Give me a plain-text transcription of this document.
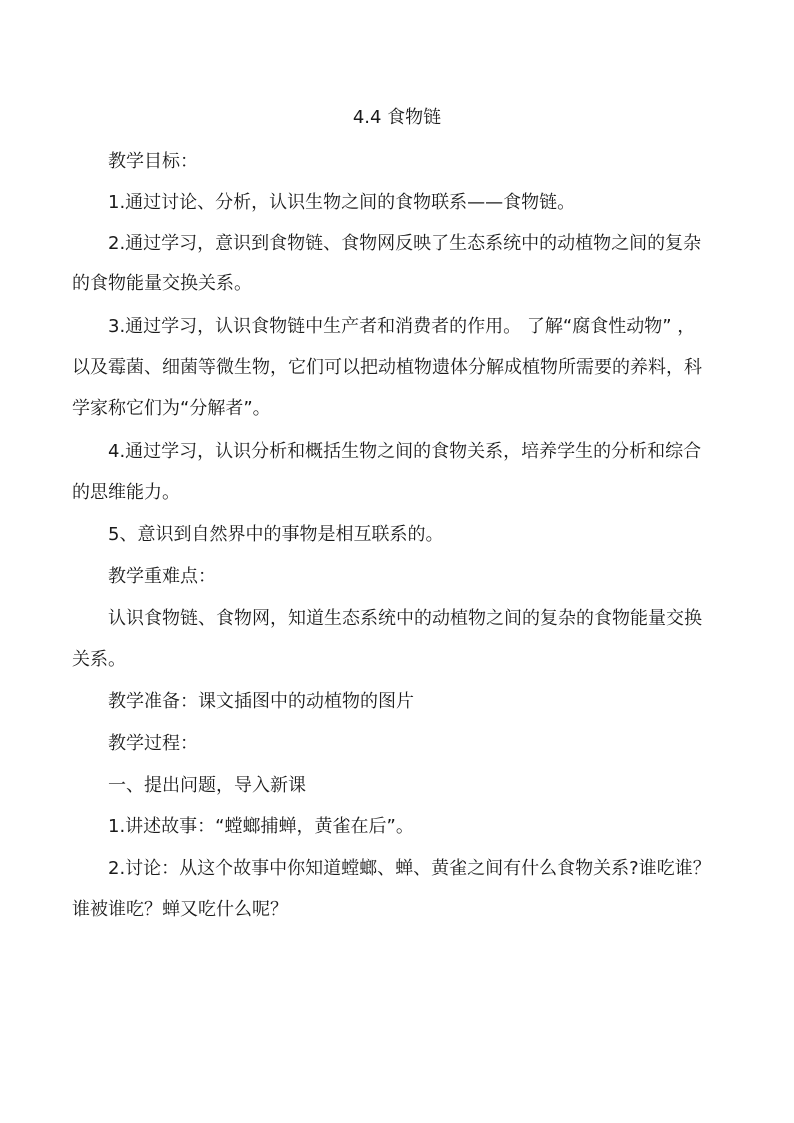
4.4 食物链
教学目标：
1.通过讨论、分析，认识生物之间的食物联系——食物链。
2.通过学习，意识到食物链、食物网反映了生态系统中的动植物之间的复杂
的食物能量交换关系。
3.通过学习，认识食物链中生产者和消费者的作用。 了解“腐食性动物” ，
以及霉菌、细菌等微生物，它们可以把动植物遗体分解成植物所需要的养料，科
学家称它们为“分解者”。
4.通过学习，认识分析和概括生物之间的食物关系，培养学生的分析和综合
的思维能力。
5、意识到自然界中的事物是相互联系的。
教学重难点：
认识食物链、食物网，知道生态系统中的动植物之间的复杂的食物能量交换
关系。
教学准备：课文插图中的动植物的图片
教学过程：
一、提出问题，导入新课
1.讲述故事：“螳螂捕蝉，黄雀在后”。
2.讨论：从这个故事中你知道螳螂、蝉、黄雀之间有什么食物关系?谁吃谁？
谁被谁吃？蝉又吃什么呢？
